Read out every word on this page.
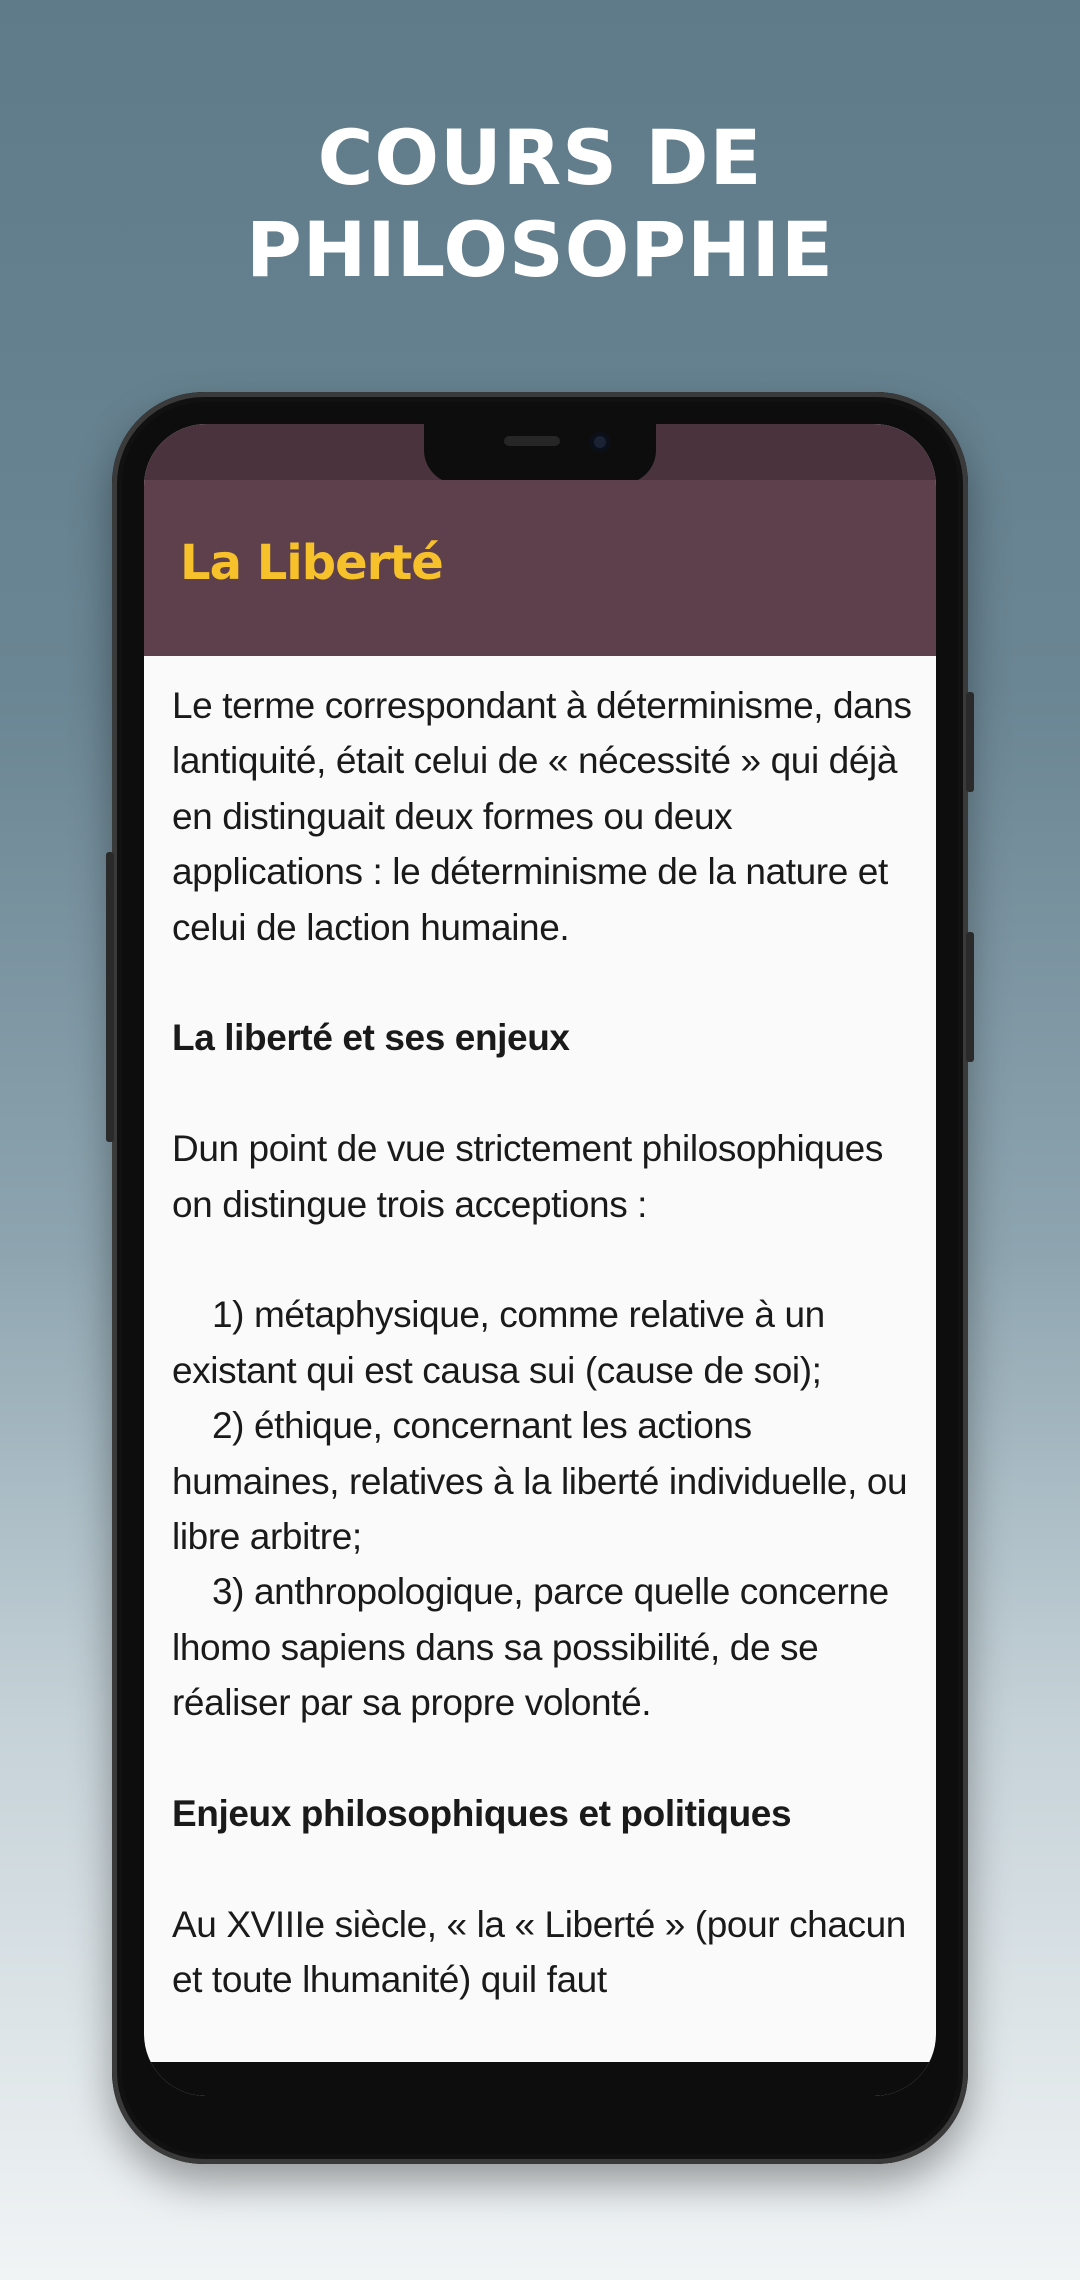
COURS DE
PHILOSOPHIE
La Liberté

Le terme correspondant à déterminisme, dans lantiquité, était celui de « nécessité » qui déjà en distinguait deux formes ou deux applications : le déterminisme de la nature et celui de laction humaine.

La liberté et ses enjeux

Dun point de vue strictement philosophiques on distingue trois acceptions :

1) métaphysique, comme relative à un existant qui est causa sui (cause de soi);

2) éthique, concernant les actions humaines, relatives à la liberté individuelle, ou libre arbitre;

3) anthropologique, parce quelle concerne lhomo sapiens dans sa possibilité, de se réaliser par sa propre volonté.

Enjeux philosophiques et politiques

Au XVIIIe siècle, « la « Liberté » (pour chacun et toute lhumanité) quil faut
